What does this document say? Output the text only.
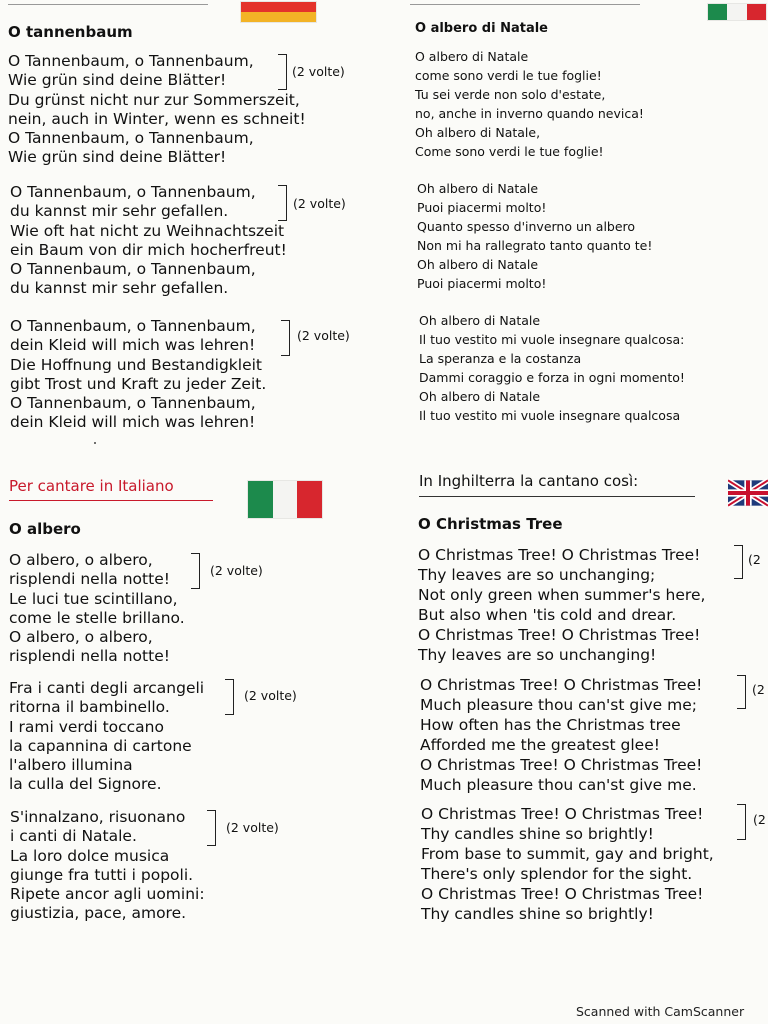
O tannenbaum
O Tannenbaum, o Tannenbaum,
Wie grün sind deine Blätter!
Du grünst nicht nur zur Sommerszeit,
nein, auch in Winter, wenn es schneit!
O Tannenbaum, o Tannenbaum,
Wie grün sind deine Blätter!
(2 volte)
O Tannenbaum, o Tannenbaum,
du kannst mir sehr gefallen.
Wie oft hat nicht zu Weihnachtszeit
ein Baum von dir mich hocherfreut!
O Tannenbaum, o Tannenbaum,
du kannst mir sehr gefallen.
(2 volte)
O Tannenbaum, o Tannenbaum,
dein Kleid will mich was lehren!
Die Hoffnung und Bestandigkleit
gibt Trost und Kraft zu jeder Zeit.
O Tannenbaum, o Tannenbaum,
dein Kleid will mich was lehren!
(2 volte)
O albero di Natale
O albero di Natale
come sono verdi le tue foglie!
Tu sei verde non solo d'estate,
no, anche in inverno quando nevica!
Oh albero di Natale,
Come sono verdi le tue foglie!
Oh albero di Natale
Puoi piacermi molto!
Quanto spesso d'inverno un albero
Non mi ha rallegrato tanto quanto te!
Oh albero di Natale
Puoi piacermi molto!
Oh albero di Natale
Il tuo vestito mi vuole insegnare qualcosa:
La speranza e la costanza
Dammi coraggio e forza in ogni momento!
Oh albero di Natale
Il tuo vestito mi vuole insegnare qualcosa
Per cantare in Italiano
O albero
O albero, o albero,
risplendi nella notte!
Le luci tue scintillano,
come le stelle brillano.
O albero, o albero,
risplendi nella notte!
(2 volte)
Fra i canti degli arcangeli
ritorna il bambinello.
I rami verdi toccano
la capannina di cartone
l'albero illumina
la culla del Signore.
(2 volte)
S'innalzano, risuonano
i canti di Natale.
La loro dolce musica
giunge fra tutti i popoli.
Ripete ancor agli uomini:
giustizia, pace, amore.
(2 volte)
In Inghilterra la cantano così:
O Christmas Tree
O Christmas Tree! O Christmas Tree!
Thy leaves are so unchanging;
Not only green when summer's here,
But also when 'tis cold and drear.
O Christmas Tree! O Christmas Tree!
Thy leaves are so unchanging!
(2
O Christmas Tree! O Christmas Tree!
Much pleasure thou can'st give me;
How often has the Christmas tree
Afforded me the greatest glee!
O Christmas Tree! O Christmas Tree!
Much pleasure thou can'st give me.
(2
O Christmas Tree! O Christmas Tree!
Thy candles shine so brightly!
From base to summit, gay and bright,
There's only splendor for the sight.
O Christmas Tree! O Christmas Tree!
Thy candles shine so brightly!
(2
Scanned with CamScanner
